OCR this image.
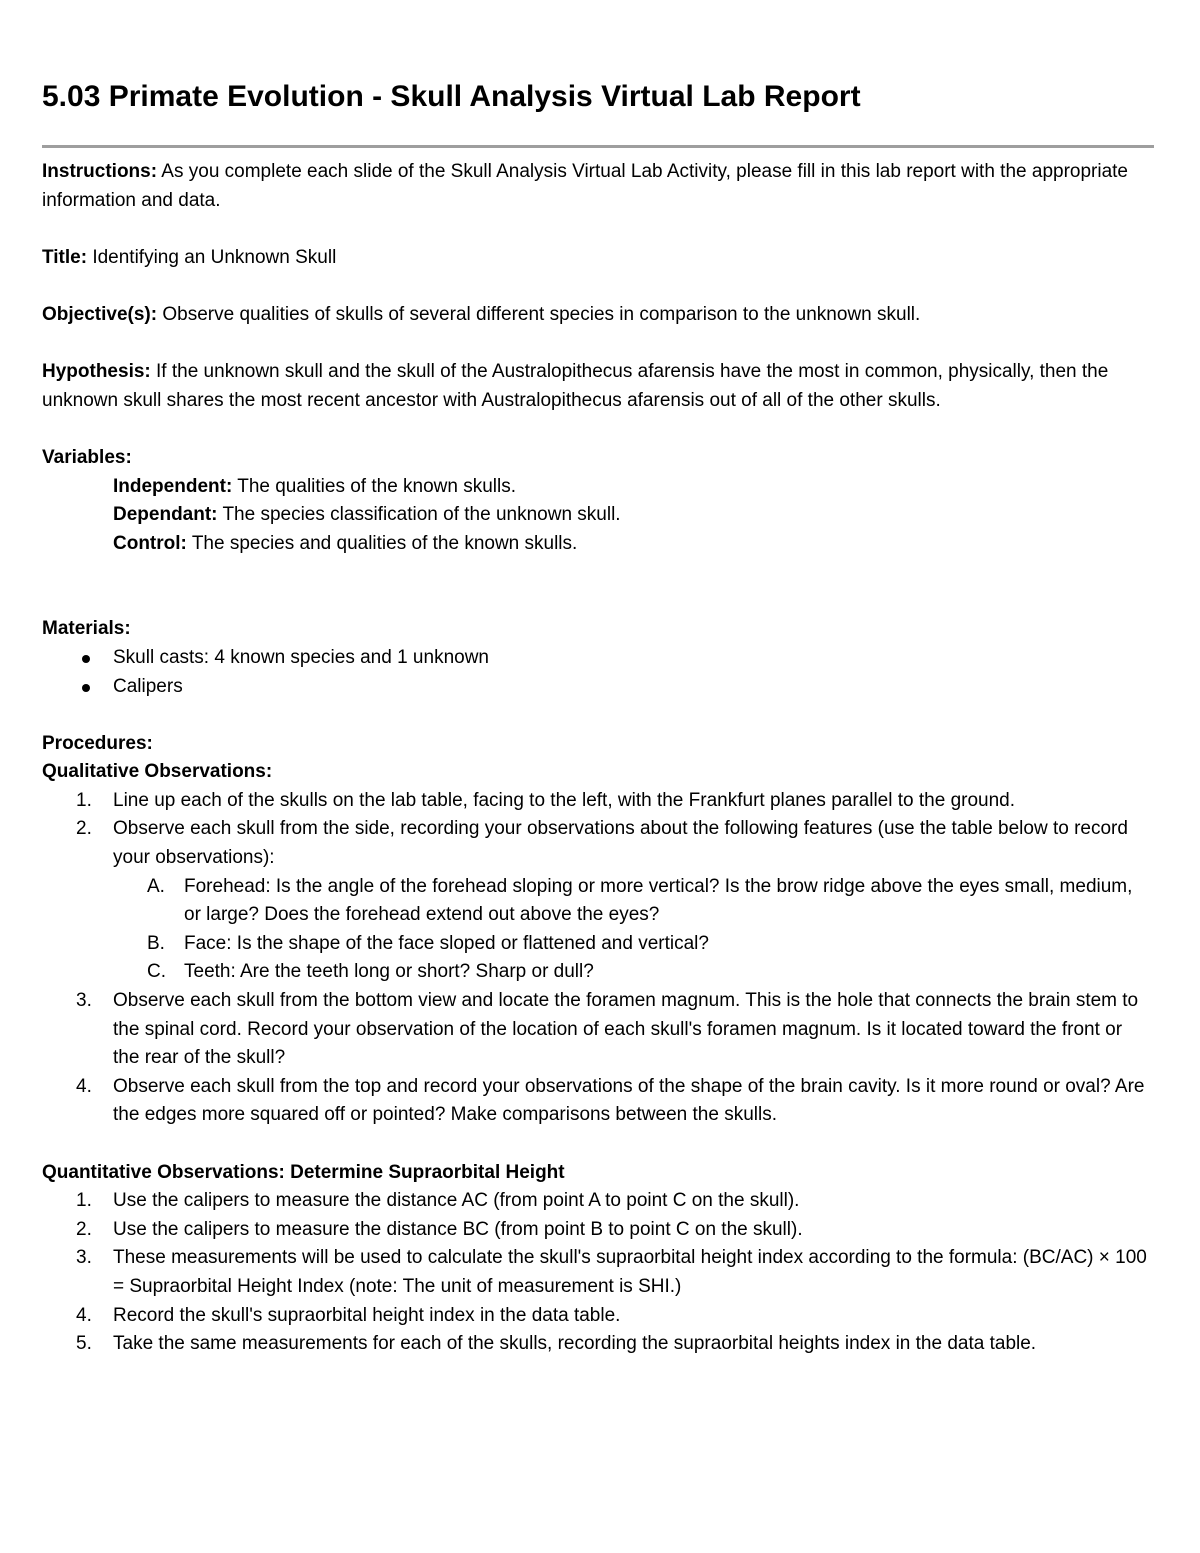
5.03 Primate Evolution - Skull Analysis Virtual Lab Report

Instructions: As you complete each slide of the Skull Analysis Virtual Lab Activity, please fill in this lab report with the appropriate information and data.

Title: Identifying an Unknown Skull

Objective(s): Observe qualities of skulls of several different species in comparison to the unknown skull.

Hypothesis: If the unknown skull and the skull of the Australopithecus afarensis have the most in common, physically, then the unknown skull shares the most recent ancestor with Australopithecus afarensis out of all of the other skulls.

Variables:

Independent: The qualities of the known skulls.

Dependant: The species classification of the unknown skull.

Control: The species and qualities of the known skulls.

Materials:

Skull casts: 4 known species and 1 unknown
Calipers

Procedures:

Qualitative Observations:

1. Line up each of the skulls on the lab table, facing to the left, with the Frankfurt planes parallel to the ground.
2. Observe each skull from the side, recording your observations about the following features (use the table below to record your observations):
A. Forehead: Is the angle of the forehead sloping or more vertical? Is the brow ridge above the eyes small, medium, or large? Does the forehead extend out above the eyes?
B. Face: Is the shape of the face sloped or flattened and vertical?
C. Teeth: Are the teeth long or short? Sharp or dull?
3. Observe each skull from the bottom view and locate the foramen magnum. This is the hole that connects the brain stem to the spinal cord. Record your observation of the location of each skull's foramen magnum. Is it located toward the front or the rear of the skull?
4. Observe each skull from the top and record your observations of the shape of the brain cavity. Is it more round or oval? Are the edges more squared off or pointed? Make comparisons between the skulls.

Quantitative Observations: Determine Supraorbital Height

1. Use the calipers to measure the distance AC (from point A to point C on the skull).
2. Use the calipers to measure the distance BC (from point B to point C on the skull).
3. These measurements will be used to calculate the skull's supraorbital height index according to the formula: (BC/AC) × 100 = Supraorbital Height Index (note: The unit of measurement is SHI.)
4. Record the skull's supraorbital height index in the data table.
5. Take the same measurements for each of the skulls, recording the supraorbital heights index in the data table.
